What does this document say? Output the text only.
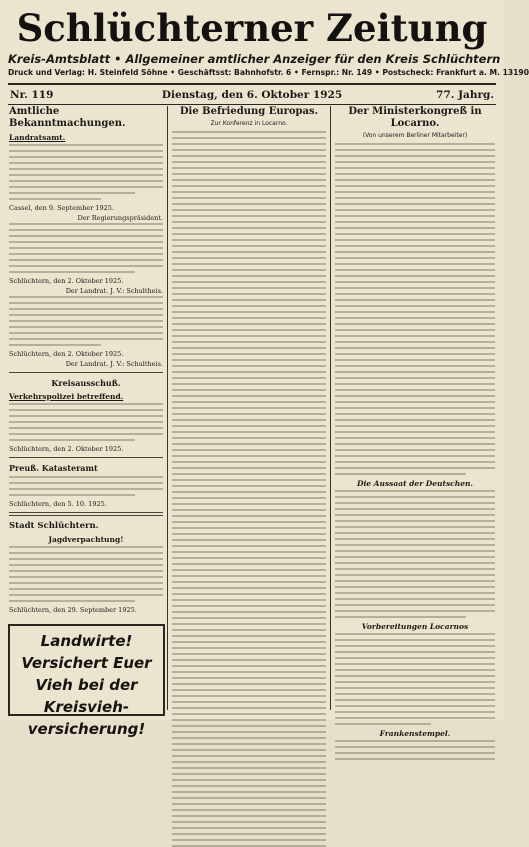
Schlüchterner Zeitung
Kreis-Amtsblatt • Allgemeiner amtlicher Anzeiger für den Kreis Schlüchtern
Druck und Verlag: H. Steinfeld Söhne • Geschäftsst: Bahnhofstr. 6 • Fernspr.: Nr. 149 • Postscheck: Frankfurt a. M. 13190
Nr. 119	Dienstag, den 6. Oktober 1925	77. Jahrg.
Amtliche Bekanntmachungen.
Landratsamt.
Cassel, den 9. September 1925.
Der Regierungspräsident.
Schlüchtern, den 2. Oktober 1925.
Der Landrat. J. V.: Schultheis.
Schlüchtern, den 2. Oktober 1925.
Der Landrat. J. V.: Schultheis.
Kreisausschuß.
Verkehrspolizei betreffend.
Schlüchtern, den 2. Oktober 1925.
Preuß. Katasteramt
Schlüchtern, den 5. 10. 1925.
Stadt Schlüchtern.
Jagdverpachtung!
Schlüchtern, den 29. September 1925.
Landwirte! Versichert Euer Vieh bei der Kreisvieh-versicherung!
Die Befriedung Europas.
Zur Konferenz in Locarno.
Der Ministerkongreß in Locarno.
(Von unserem Berliner Mitarbeiter)
Die Aussaat der Deutschen.
Vorbereitungen Locarnos
Frankenstempel.
